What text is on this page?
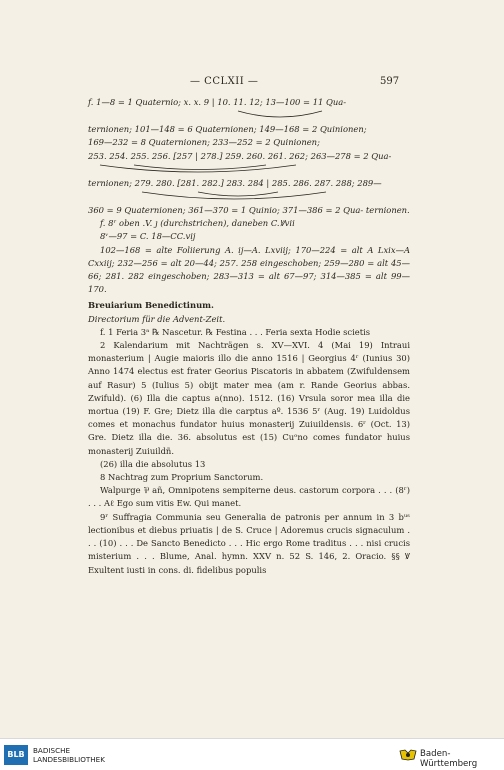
— CCLXII —	597

f. 1—8 = 1 Quaternio; x. x. 9 | 10. 11. 12; 13—100 = 11 Qua-

ternionen; 101—148 = 6 Quaternionen; 149—168 = 2 Quinionen;

169—232 = 8 Quaternionen; 233—252 = 2 Quinionen;

253. 254. 255. 256. [257 | 278.] 259. 260. 261. 262; 263—278 = 2 Qua-

ternionen; 279. 280. [281. 282.] 283. 284 | 285. 286. 287. 288; 289—

360 = 9 Quaternionen; 361—370 = 1 Quinio; 371—386 = 2 Qua- ternionen.

f. 8ʳ oben .V. ȷ (durchstrichen), daneben C.Ꝟvii

8ᵛ—97 = C. 18—CC.vij

102—168 = alte Foliierung A. ij—A. Lxviij; 170—224 = alt A Lxix—A Cxxiij; 232—256 = alt 20—44; 257. 258 eingeschoben; 259—280 = alt 45—66; 281. 282 eingeschoben; 283—313 = alt 67—97; 314—385 = alt 99—170.

Breuiarium Benedictinum.

Directorium für die Advent-Zeit.

f. 1 Feria 3ᵃ ℞ Nascetur. ℞ Festina . . . Feria sexta Hodie scietis

2 Kalendarium mit Nachträgen s. XV—XVI. 4 (Mai 19) Intraui monasterium | Augie maioris illo die anno 1516 | Georgius 4ʳ (Iunius 30) Anno 1474 electus est frater Georius Piscatoris in abbatem (Zwifuldensem auf Rasur) 5 (Iulius 5) obijt mater mea (am r. Rande Georius abbas. Zwifuld). (6) Illa die captus a(nno). 1512. (16) Vrsula soror mea illa die mortua (19) F. Gre; Dietz illa die carptus aº. 1536 5ʳ (Aug. 19) Luidoldus comes et monachus fundator huius monasterij Zuiuildensis. 6ʳ (Oct. 13) Gre. Dietz illa die. 36. absolutus est (15) Cuᵒno comes fundator huius monasterij Zuiuildñ.

(26) illa die absolutus 13

8 Nachtrag zum Proprium Sanctorum.

Walpurge ⅌ añ, Omnipotens sempiterne deus. castorum corpora . . . (8ʳ) . . . Aℓ Ego sum vitis Ew. Qui manet.

9ʳ Suffragia Communia seu Generalia de patronis per annum in 3 bᵘˢ lectionibus et diebus priuatis | de S. Cruce | Adoremus crucis signaculum . . . (10) . . . De Sancto Benedicto . . . Hic ergo Rome traditus . . . nisi crucis misterium . . . Blume, Anal. hymn. XXV n. 52 S. 146, 2. Oracio. §§ Ꝟ Exultent iusti in cons. di. fidelibus populis

BLB	BADISCHE
LANDESBIBLIOTHEK
Baden-Württemberg
